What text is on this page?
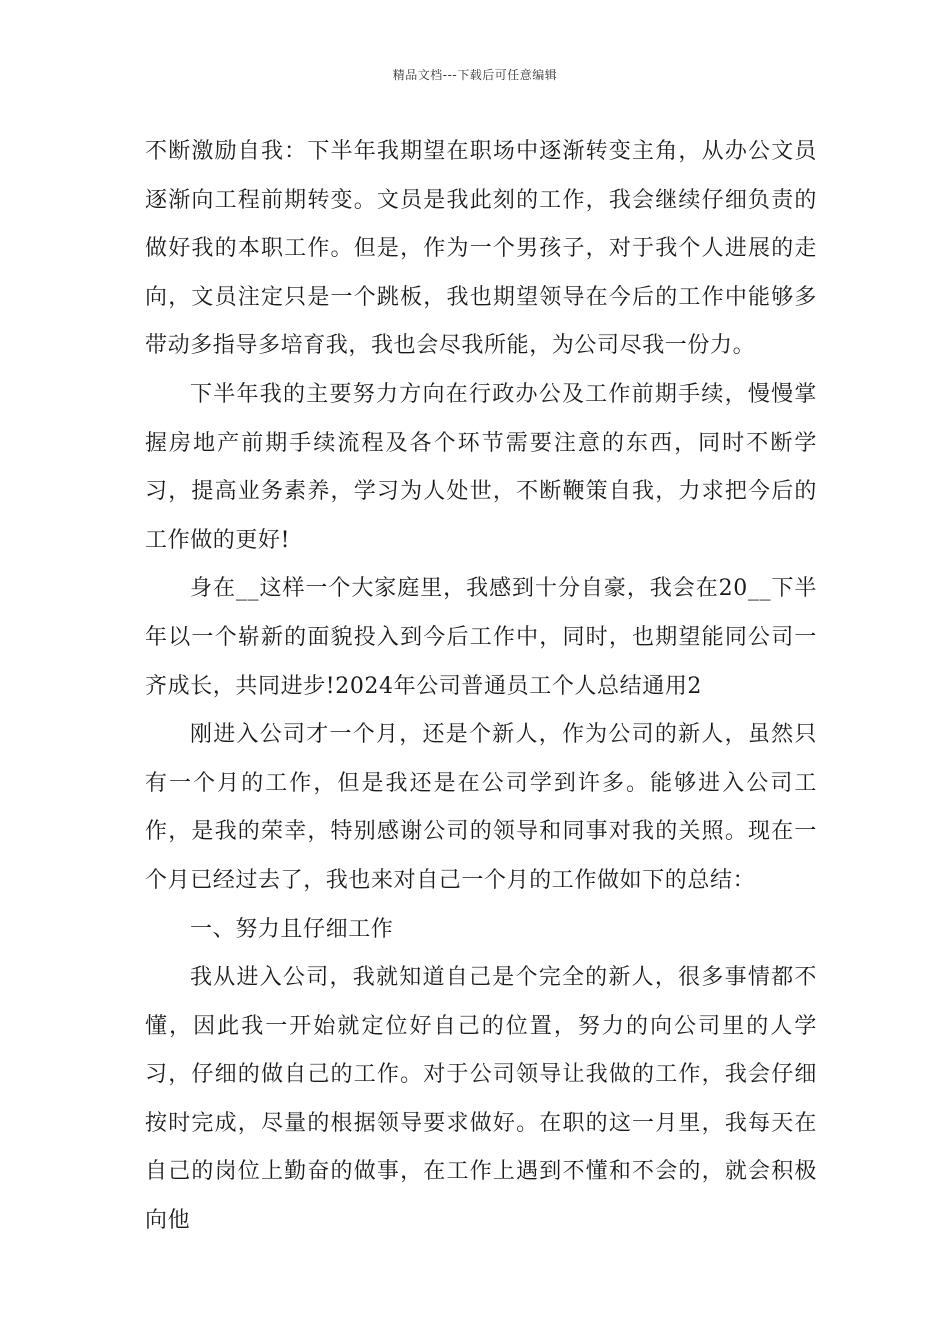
精品文档---下载后可任意编辑

不断激励自我：下半年我期望在职场中逐渐转变主角，从办公文员逐渐向工程前期转变。文员是我此刻的工作，我会继续仔细负责的做好我的本职工作。但是，作为一个男孩子，对于我个人进展的走向，文员注定只是一个跳板，我也期望领导在今后的工作中能够多带动多指导多培育我，我也会尽我所能，为公司尽我一份力。

下半年我的主要努力方向在行政办公及工作前期手续，慢慢掌握房地产前期手续流程及各个环节需要注意的东西，同时不断学习，提高业务素养，学习为人处世，不断鞭策自我，力求把今后的工作做的更好!

身在__这样一个大家庭里，我感到十分自豪，我会在20__下半年以一个崭新的面貌投入到今后工作中，同时，也期望能同公司一齐成长，共同进步!2024年公司普通员工个人总结通用2

刚进入公司才一个月，还是个新人，作为公司的新人，虽然只有一个月的工作，但是我还是在公司学到许多。能够进入公司工作，是我的荣幸，特别感谢公司的领导和同事对我的关照。现在一个月已经过去了，我也来对自己一个月的工作做如下的总结：

一、努力且仔细工作

我从进入公司，我就知道自己是个完全的新人，很多事情都不懂，因此我一开始就定位好自己的位置，努力的向公司里的人学习，仔细的做自己的工作。对于公司领导让我做的工作，我会仔细按时完成，尽量的根据领导要求做好。在职的这一月里，我每天在自己的岗位上勤奋的做事，在工作上遇到不懂和不会的，就会积极向他
